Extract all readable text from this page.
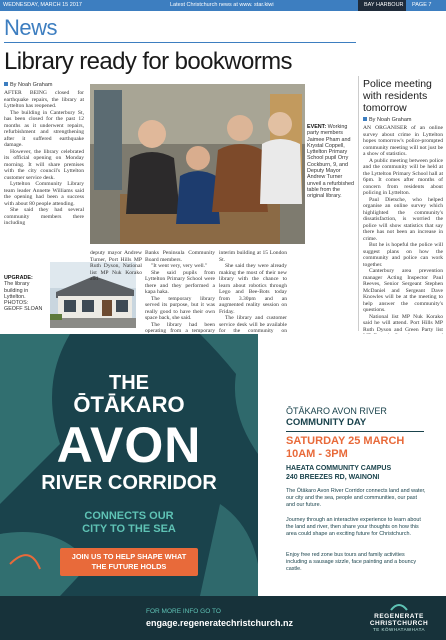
WEDNESDAY, MARCH 15 2017	Latest Christchurch news at www. star.kiwi	BAY HARBOUR	PAGE 7
News
Library ready for bookworms
By Noah Graham

AFTER BEING closed for earthquake repairs, the library at Lyttelton has reopened.

The building in Canterbury St, has been closed for the past 12 months as it underwent repairs, refurbishment and strengthening after it suffered earthquake damage.

However, the library celebrated its official opening on Monday morning. It will share premises with the city council's Lyttelton customer service desk.

Lyttelton Community Library team leader Annette Williams said the opening had been a success with about 80 people attending.

She said they had several community members there including

UPGRADE:
The library building in Lyttelton. PHOTOS: GEOFF SLOAN
EVENT: Working party members Jaimee Pham and Krystal Coppell, Lyttelton Primary School pupil Orry Cockburn, 9, and Deputy Mayor Andrew Turner unveil a refurbished table from the original library.

deputy mayor Andrew Turner, Port Hills MP Ruth Dyson, National list MP Nuk Korako and

Banks Peninsula Community Board members.

"It went very, very well."

She said pupils from Lyttelton Primary School were there and they performed a kapa haka.

The temporary library served its purpose, but it was really good to have their own space back, she said.

The library had been operating from a temporary

interim building at 15 London St.

She said they were already making the most of their new library with the chance to learn about robotics through Lego and Bee-Bots today from 3.30pm and an augmented reality session on Friday.

The library and customer service desk will be available for the community on

Police meeting with residents tomorrow
By Noah Graham

AN ORGANISER of an online survey about crime in Lyttelton hopes tomorrow's police-prompted community meeting will not just be a show of statistics.

A public meeting between police and the community will be held at the Lyttelton Primary School hall at 6pm. It comes after months of concern from residents about policing in Lyttelton.

Paul Dietsche, who helped organise an online survey which highlighted the community's dissatisfaction, is worried the police will show statistics that say there has not been an increase in crime.

But he is hopeful the police will suggest plans on how the community and police can work together.

Canterbury area prevention manager Acting Inspector Paul Reeves, Senior Sergeant Stephen McDaniel and Sergeant Dave Knowles will be at the meeting to help answer the community's questions.

National list MP Nuk Korako said he will attend. Port Hills MP Ruth Dyson and Green Party list

THE
ŌTĀKARO
AVON
RIVER CORRIDOR
CONNECTS OUR CITY TO THE SEA
JOIN US TO HELP SHAPE WHAT THE FUTURE HOLDS
ŌTĀKARO AVON RIVER
COMMUNITY DAY
SATURDAY 25 MARCH
10AM - 3PM
HAEATA COMMUNITY CAMPUS
240 BREEZES RD, WAINONI
The Ōtākaro Avon River Corridor connects land and water, our city and the sea, people and communities, our past and our future.
Journey through an interactive experience to learn about the land and river, then share your thoughts on how this area could shape an exciting future for Christchurch.
Enjoy free red zone bus tours and family activities including a sausage sizzle, face painting and a bouncy castle.
FOR MORE INFO GO TO
engage.regeneratechristchurch.nz
REGENERATE
CHRISTCHURCH
TE KŌWHATAWHATA
